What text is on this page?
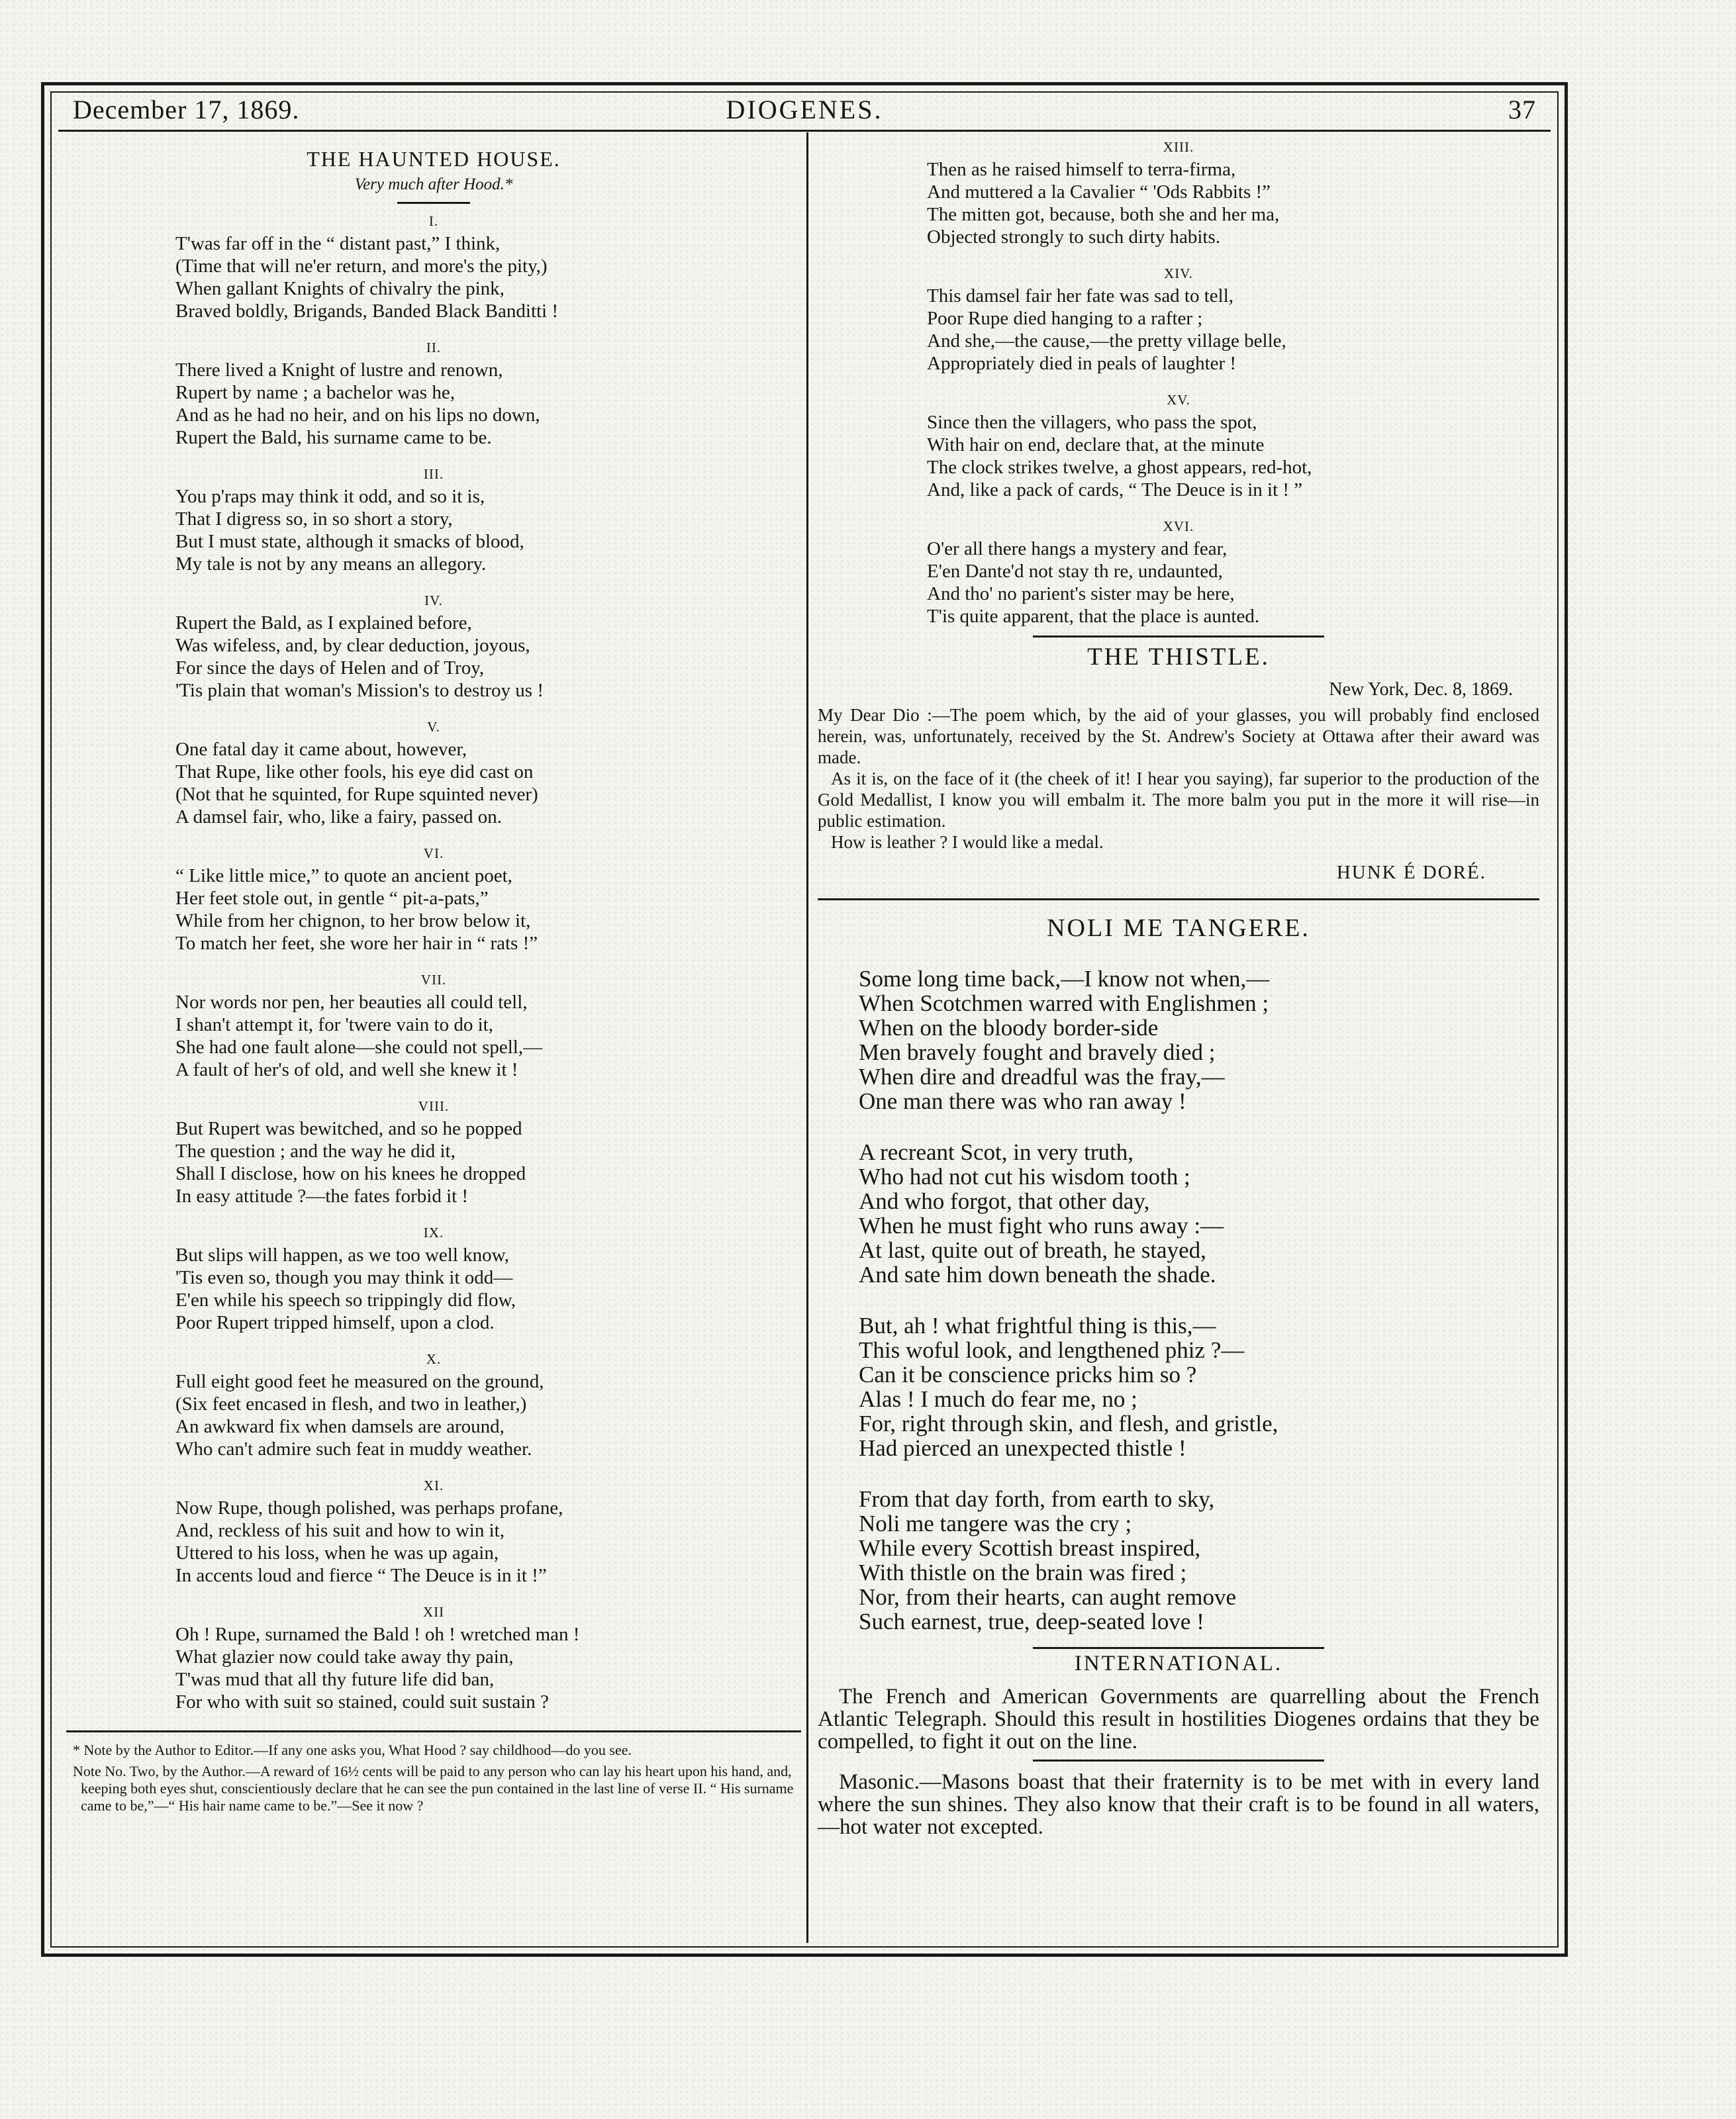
December 17, 1869.	DIOGENES.	37
THE HAUNTED HOUSE.
Very much after Hood.*
I.
T'was far off in the “ distant past,” I think,
(Time that will ne'er return, and more's the pity,)
When gallant Knights of chivalry the pink,
Braved boldly, Brigands, Banded Black Banditti !
II.
There lived a Knight of lustre and renown,
Rupert by name ; a bachelor was he,
And as he had no heir, and on his lips no down,
Rupert the Bald, his surname came to be.
III.
You p'raps may think it odd, and so it is,
That I digress so, in so short a story,
But I must state, although it smacks of blood,
My tale is not by any means an allegory.
IV.
Rupert the Bald, as I explained before,
Was wifeless, and, by clear deduction, joyous,
For since the days of Helen and of Troy,
'Tis plain that woman's Mission's to destroy us !
V.
One fatal day it came about, however,
That Rupe, like other fools, his eye did cast on
(Not that he squinted, for Rupe squinted never)
A damsel fair, who, like a fairy, passed on.
VI.
“ Like little mice,” to quote an ancient poet,
Her feet stole out, in gentle “ pit-a-pats,”
While from her chignon, to her brow below it,
To match her feet, she wore her hair in “ rats !”
VII.
Nor words nor pen, her beauties all could tell,
I shan't attempt it, for 'twere vain to do it,
She had one fault alone—she could not spell,—
A fault of her's of old, and well she knew it !
VIII.
But Rupert was bewitched, and so he popped
The question ; and the way he did it,
Shall I disclose, how on his knees he dropped
In easy attitude ?—the fates forbid it !
IX.
But slips will happen, as we too well know,
'Tis even so, though you may think it odd—
E'en while his speech so trippingly did flow,
Poor Rupert tripped himself, upon a clod.
X.
Full eight good feet he measured on the ground,
(Six feet encased in flesh, and two in leather,)
An awkward fix when damsels are around,
Who can't admire such feat in muddy weather.
XI.
Now Rupe, though polished, was perhaps profane,
And, reckless of his suit and how to win it,
Uttered to his loss, when he was up again,
In accents loud and fierce “ The Deuce is in it !”
XII
Oh ! Rupe, surnamed the Bald ! oh ! wretched man !
What glazier now could take away thy pain,
T'was mud that all thy future life did ban,
For who with suit so stained, could suit sustain ?
* Note by the Author to Editor.—If any one asks you, What Hood ? say childhood—do you see.
Note No. Two, by the Author.—A reward of 16½ cents will be paid to any person who can lay his heart upon his hand, and, keeping both eyes shut, conscientiously declare that he can see the pun contained in the last line of verse II. “ His surname came to be,”—“ His hair name came to be.”—See it now ?
XIII.
Then as he raised himself to terra-firma,
And muttered a la Cavalier “ 'Ods Rabbits !”
The mitten got, because, both she and her ma,
Objected strongly to such dirty habits.
XIV.
This damsel fair her fate was sad to tell,
Poor Rupe died hanging to a rafter ;
And she,—the cause,—the pretty village belle,
Appropriately died in peals of laughter !
XV.
Since then the villagers, who pass the spot,
With hair on end, declare that, at the minute
The clock strikes twelve, a ghost appears, red-hot,
And, like a pack of cards, “ The Deuce is in it ! ”
XVI.
O'er all there hangs a mystery and fear,
E'en Dante'd not stay th re, undaunted,
And tho' no parient's sister may be here,
T'is quite apparent, that the place is aunted.
THE THISTLE.
New York, Dec. 8, 1869.
My Dear Dio :—The poem which, by the aid of your glasses, you will probably find enclosed herein, was, unfortunately, received by the St. Andrew's Society at Ottawa after their award was made.
As it is, on the face of it (the cheek of it! I hear you saying), far superior to the production of the Gold Medallist, I know you will embalm it. The more balm you put in the more it will rise—in public estimation.
How is leather ? I would like a medal.
HUNK É DORÉ.
NOLI ME TANGERE.
Some long time back,—I know not when,—
When Scotchmen warred with Englishmen ;
When on the bloody border-side
Men bravely fought and bravely died ;
When dire and dreadful was the fray,—
One man there was who ran away !
A recreant Scot, in very truth,
Who had not cut his wisdom tooth ;
And who forgot, that other day,
When he must fight who runs away :—
At last, quite out of breath, he stayed,
And sate him down beneath the shade.
But, ah ! what frightful thing is this,—
This woful look, and lengthened phiz ?—
Can it be conscience pricks him so ?
Alas ! I much do fear me, no ;
For, right through skin, and flesh, and gristle,
Had pierced an unexpected thistle !
From that day forth, from earth to sky,
Noli me tangere was the cry ;
While every Scottish breast inspired,
With thistle on the brain was fired ;
Nor, from their hearts, can aught remove
Such earnest, true, deep-seated love !
INTERNATIONAL.
The French and American Governments are quarrelling about the French Atlantic Telegraph. Should this result in hostilities Diogenes ordains that they be compelled, to fight it out on the line.
Masonic.—Masons boast that their fraternity is to be met with in every land where the sun shines. They also know that their craft is to be found in all waters,—hot water not excepted.
